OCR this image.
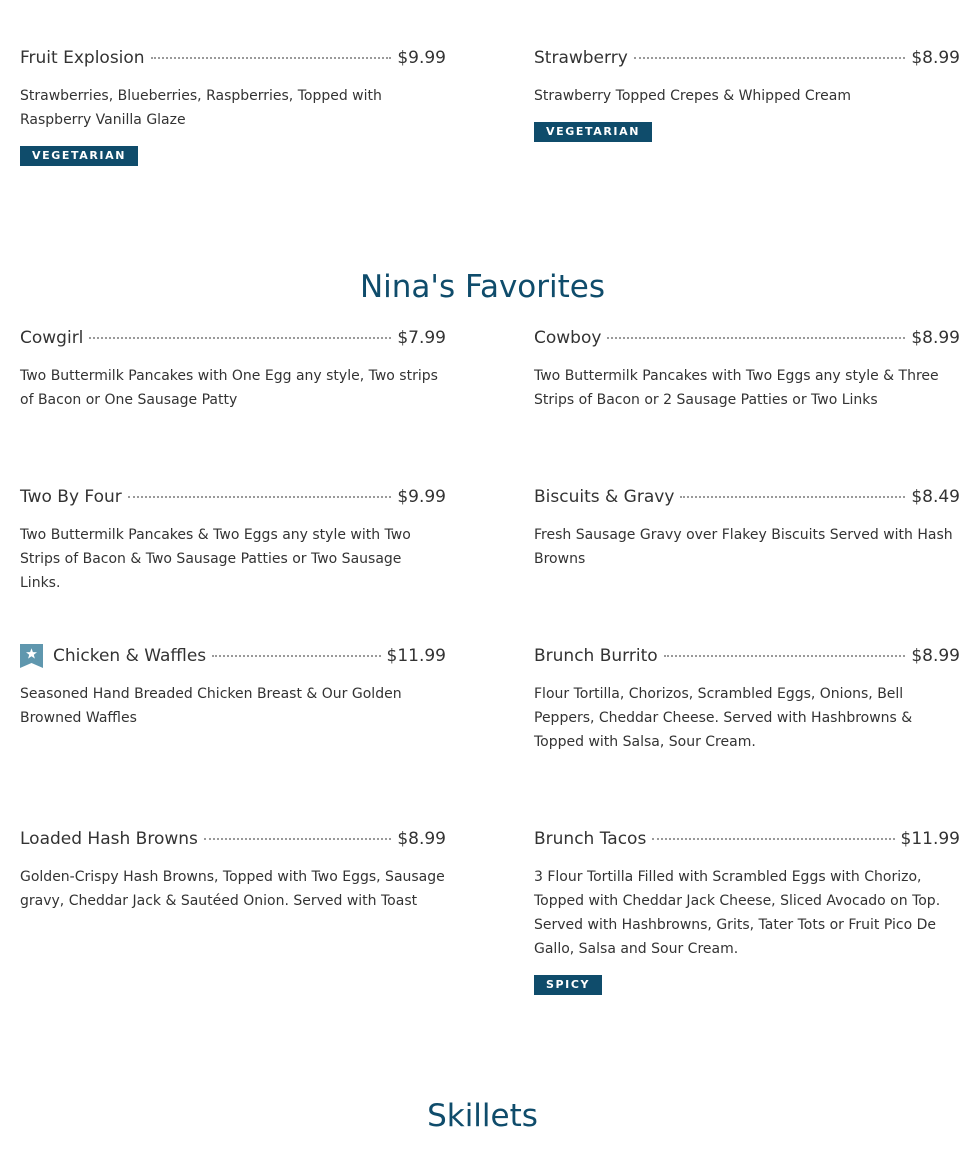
Fruit Explosion	$9.99
Strawberries, Blueberries, Raspberries, Topped with Raspberry Vanilla Glaze
VEGETARIAN
Strawberry	$8.99
Strawberry Topped Crepes & Whipped Cream
VEGETARIAN
Nina's Favorites
Cowgirl	$7.99
Two Buttermilk Pancakes with One Egg any style, Two strips of Bacon or One Sausage Patty
Cowboy	$8.99
Two Buttermilk Pancakes with Two Eggs any style & Three Strips of Bacon or 2 Sausage Patties or Two Links
Two By Four	$9.99
Two Buttermilk Pancakes & Two Eggs any style with Two Strips of Bacon & Two Sausage Patties or Two Sausage Links.
Biscuits & Gravy	$8.49
Fresh Sausage Gravy over Flakey Biscuits Served with Hash Browns
Chicken & Waffles	$11.99
Seasoned Hand Breaded Chicken Breast & Our Golden Browned Waffles
Brunch Burrito	$8.99
Flour Tortilla, Chorizos, Scrambled Eggs, Onions, Bell Peppers, Cheddar Cheese. Served with Hashbrowns & Topped with Salsa, Sour Cream.
Loaded Hash Browns	$8.99
Golden-Crispy Hash Browns, Topped with Two Eggs, Sausage gravy, Cheddar Jack & Sautéed Onion. Served with Toast
Brunch Tacos	$11.99
3 Flour Tortilla Filled with Scrambled Eggs with Chorizo, Topped with Cheddar Jack Cheese, Sliced Avocado on Top. Served with Hashbrowns, Grits, Tater Tots or Fruit Pico De Gallo, Salsa and Sour Cream.
SPICY
Skillets
